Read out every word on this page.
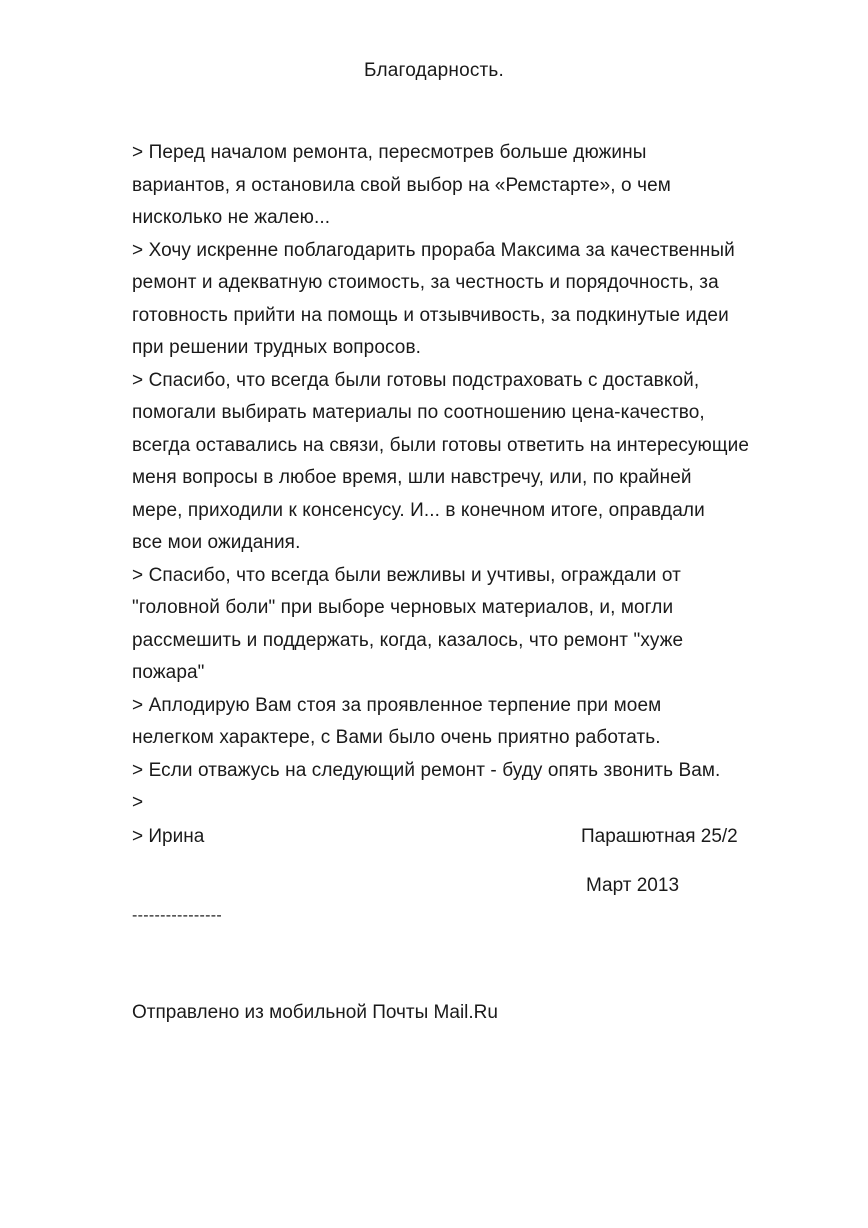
Благодарность.
> Перед началом ремонта, пересмотрев больше дюжины
вариантов, я остановила свой выбор на «Ремстарте», о чем
нисколько не жалею...
> Хочу искренне поблагодарить прораба Максима за качественный
ремонт и адекватную стоимость, за честность и порядочность, за
готовность прийти на помощь и отзывчивость, за подкинутые идеи
при решении трудных вопросов.
> Спасибо, что всегда были готовы подстраховать с доставкой,
помогали выбирать материалы по соотношению цена-качество,
всегда оставались на связи, были готовы ответить на интересующие
меня вопросы в любое время, шли навстречу, или, по крайней
мере, приходили к консенсусу. И... в конечном итоге, оправдали
все мои ожидания.
> Спасибо, что всегда были вежливы и учтивы, ограждали от
"головной боли" при выборе черновых материалов, и, могли
рассмешить и поддержать, когда, казалось, что ремонт "хуже
пожара"
> Аплодирую Вам стоя за проявленное терпение при моем
нелегком характере, с Вами было очень приятно работать.
> Если отважусь на следующий ремонт - буду опять звонить Вам.
>
> Ирина	Парашютная 25/2
Март 2013
----------------
Отправлено из мобильной Почты Mail.Ru
